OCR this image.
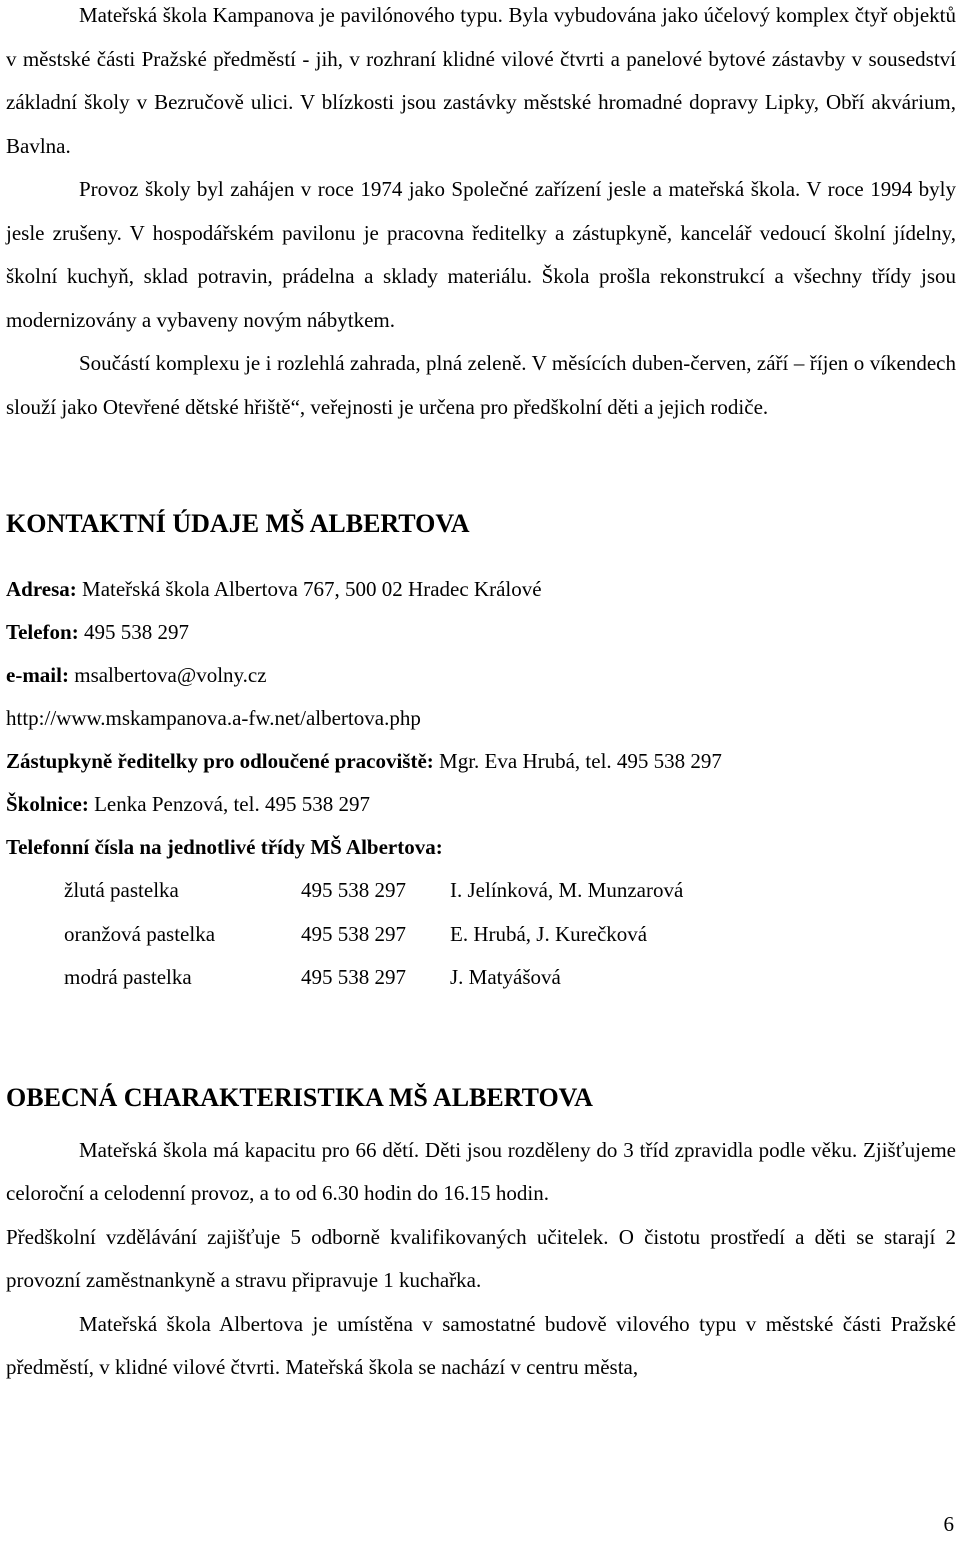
Mateřská škola Kampanova je pavilónového typu. Byla vybudována jako účelový komplex čtyř objektů v městské části Pražské předměstí - jih, v rozhraní klidné vilové čtvrti a panelové bytové zástavby v sousedství základní školy v Bezručově ulici. V blízkosti jsou zastávky městské hromadné dopravy Lipky, Obří akvárium, Bavlna.

Provoz školy byl zahájen v roce 1974 jako Společné zařízení jesle a mateřská škola. V roce 1994 byly jesle zrušeny. V hospodářském pavilonu je pracovna ředitelky a zástupkyně, kancelář vedoucí školní jídelny, školní kuchyň, sklad potravin, prádelna a sklady materiálu. Škola prošla rekonstrukcí a všechny třídy jsou modernizovány a vybaveny novým nábytkem.

Součástí komplexu je i rozlehlá zahrada, plná zeleně. V měsících duben-červen, září – říjen o víkendech slouží jako Otevřené dětské hřiště“, veřejnosti je určena pro předškolní děti a jejich rodiče.

KONTAKTNÍ ÚDAJE MŠ ALBERTOVA

Adresa: Mateřská škola Albertova 767, 500 02 Hradec Králové

Telefon: 495 538 297

e-mail: msalbertova@volny.cz

http://www.mskampanova.a-fw.net/albertova.php

Zástupkyně ředitelky pro odloučené pracoviště: Mgr. Eva Hrubá, tel. 495 538 297

Školnice: Lenka Penzová, tel. 495 538 297

Telefonní čísla na jednotlivé třídy MŠ Albertova:

žlutá pastelka	495 538 297	I. Jelínková, M. Munzarová
oranžová pastelka	495 538 297	E. Hrubá, J. Kurečková
modrá pastelka	495 538 297	J. Matyášová
OBECNÁ CHARAKTERISTIKA MŠ ALBERTOVA

Mateřská škola má kapacitu pro 66 dětí. Děti jsou rozděleny do 3 tříd zpravidla podle věku. Zjišťujeme celoroční a celodenní provoz, a to od 6.30 hodin do 16.15 hodin.

Předškolní vzdělávání zajišťuje 5 odborně kvalifikovaných učitelek. O čistotu prostředí a děti se starají 2 provozní zaměstnankyně a stravu připravuje 1 kuchařka.

Mateřská škola Albertova je umístěna v samostatné budově vilového typu v městské části Pražské předměstí, v klidné vilové čtvrti. Mateřská škola se nachází v centru města,

6
